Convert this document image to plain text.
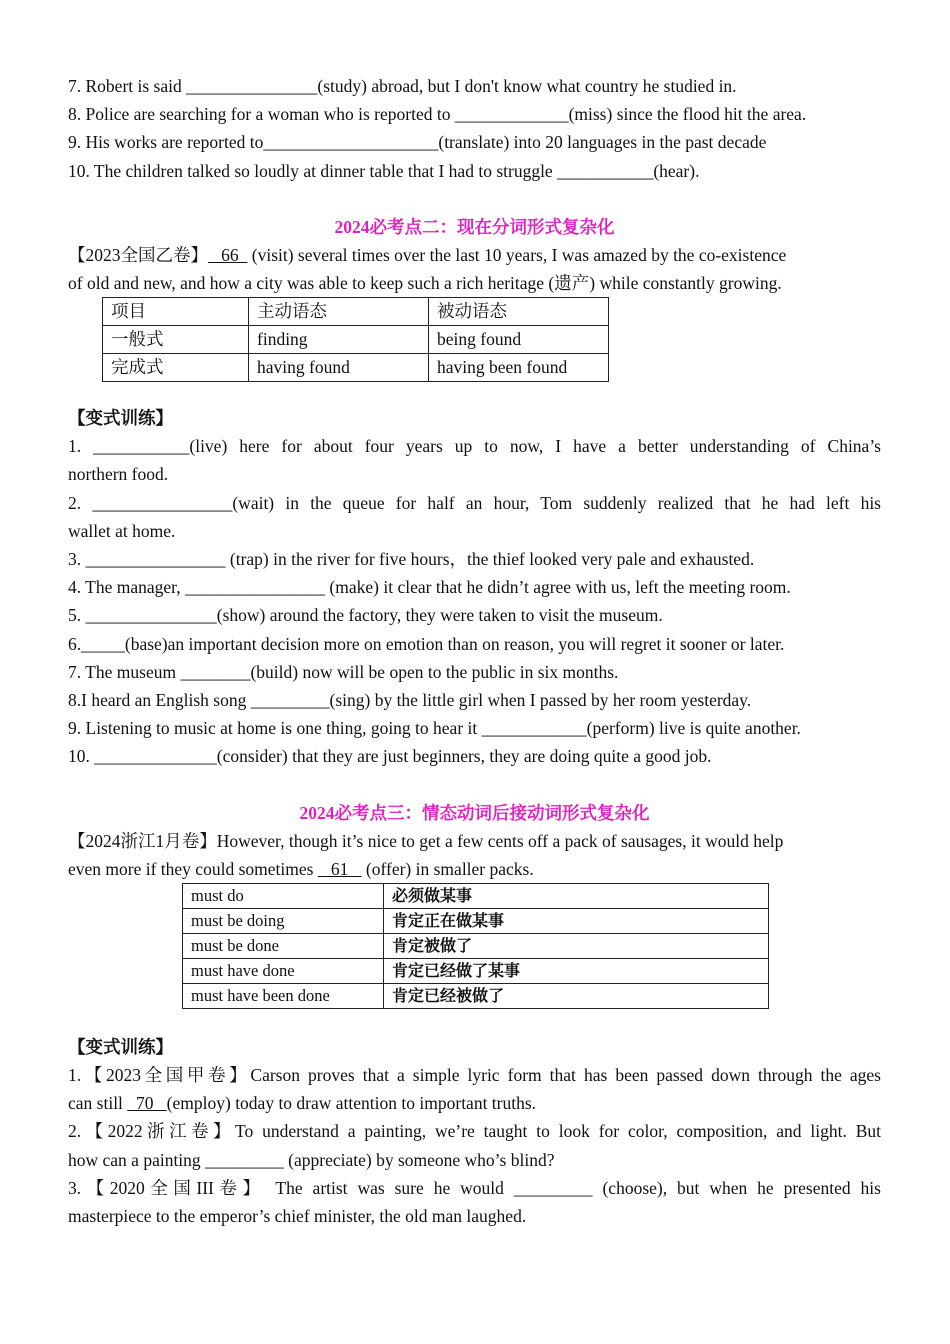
7. Robert is said _______________(study) abroad, but I don't know what country he studied in.
8. Police are searching for a woman who is reported to _____________(miss) since the flood hit the area.
9. His works are reported to____________________(translate) into 20 languages in the past decade
10. The children talked so loudly at dinner table that I had to struggle ___________(hear).
2024必考点二：现在分词形式复杂化
【2023全国乙卷】   66   (visit) several times over the last 10 years, I was amazed by the co-existence
of old and new, and how a city was able to keep such a rich heritage (遗产) while constantly growing.
项目	主动语态	被动语态
一般式	finding	being found
完成式	having found	having been found
【变式训练】
1. ___________(live) here for about four years up to now, I have a better understanding of China’s
northern food.
2. ________________(wait) in the queue for half an hour, Tom suddenly realized that he had left his
wallet at home.
3. ________________ (trap) in the river for five hours，the thief looked very pale and exhausted.
4. The manager, ________________ (make) it clear that he didn’t agree with us, left the meeting room.
5. _______________(show) around the factory, they were taken to visit the museum.
6._____(base)an important decision more on emotion than on reason, you will regret it sooner or later.
7. The museum ________(build) now will be open to the public in six months.
8.I heard an English song _________(sing) by the little girl when I passed by her room yesterday.
9. Listening to music at home is one thing, going to hear it ____________(perform) live is quite another.
10. ______________(consider) that they are just beginners, they are doing quite a good job.
2024必考点三：情态动词后接动词形式复杂化
【2024浙江1月卷】However, though it’s nice to get a few cents off a pack of sausages, it would help
even more if they could sometimes    61    (offer) in smaller packs.
must do	必须做某事
must be doing	肯定正在做某事
must be done	肯定被做了
must have done	肯定已经做了某事
must have been done	肯定已经被做了
【变式训练】
1.【2023全国甲卷】Carson proves that a simple lyric form that has been passed down through the ages
can still   70   (employ) today to draw attention to important truths.
2.【2022浙江卷】To understand a painting, we’re taught to look for color, composition, and light. But
how can a painting _________ (appreciate) by someone who’s blind?
3.【2020全国III卷】 The artist was sure he would _________ (choose), but when he presented his
masterpiece to the emperor’s chief minister, the old man laughed.
